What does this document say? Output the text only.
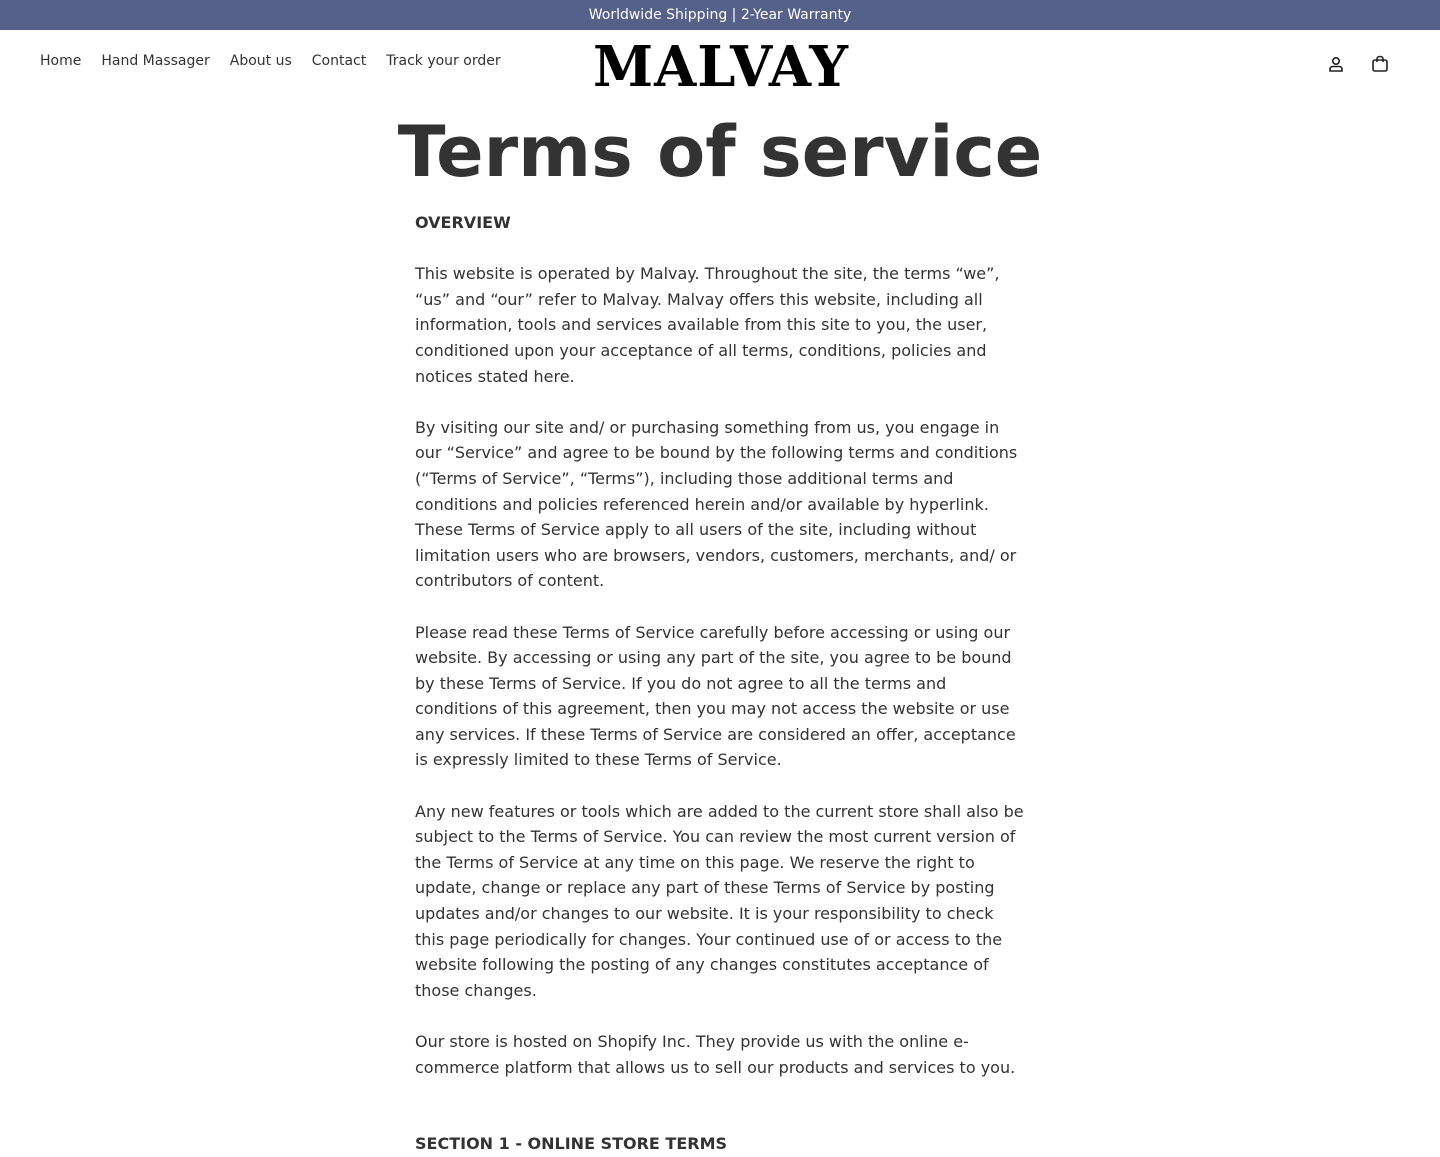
Worldwide Shipping | 2-Year Warranty
Home Hand Massager About us Contact Track your order MALVAY
Terms of service

OVERVIEW

This website is operated by Malvay. Throughout the site, the terms “we”, “us” and “our” refer to Malvay. Malvay offers this website, including all information, tools and services available from this site to you, the user, conditioned upon your acceptance of all terms, conditions, policies and notices stated here.

By visiting our site and/ or purchasing something from us, you engage in our “Service” and agree to be bound by the following terms and conditions (“Terms of Service”, “Terms”), including those additional terms and conditions and policies referenced herein and/or available by hyperlink. These Terms of Service apply to all users of the site, including without limitation users who are browsers, vendors, customers, merchants, and/ or contributors of content.

Please read these Terms of Service carefully before accessing or using our website. By accessing or using any part of the site, you agree to be bound by these Terms of Service. If you do not agree to all the terms and conditions of this agreement, then you may not access the website or use any services. If these Terms of Service are considered an offer, acceptance is expressly limited to these Terms of Service.

Any new features or tools which are added to the current store shall also be subject to the Terms of Service. You can review the most current version of the Terms of Service at any time on this page. We reserve the right to update, change or replace any part of these Terms of Service by posting updates and/or changes to our website. It is your responsibility to check this page periodically for changes. Your continued use of or access to the website following the posting of any changes constitutes acceptance of those changes.

Our store is hosted on Shopify Inc. They provide us with the online e-commerce platform that allows us to sell our products and services to you.

SECTION 1 - ONLINE STORE TERMS
